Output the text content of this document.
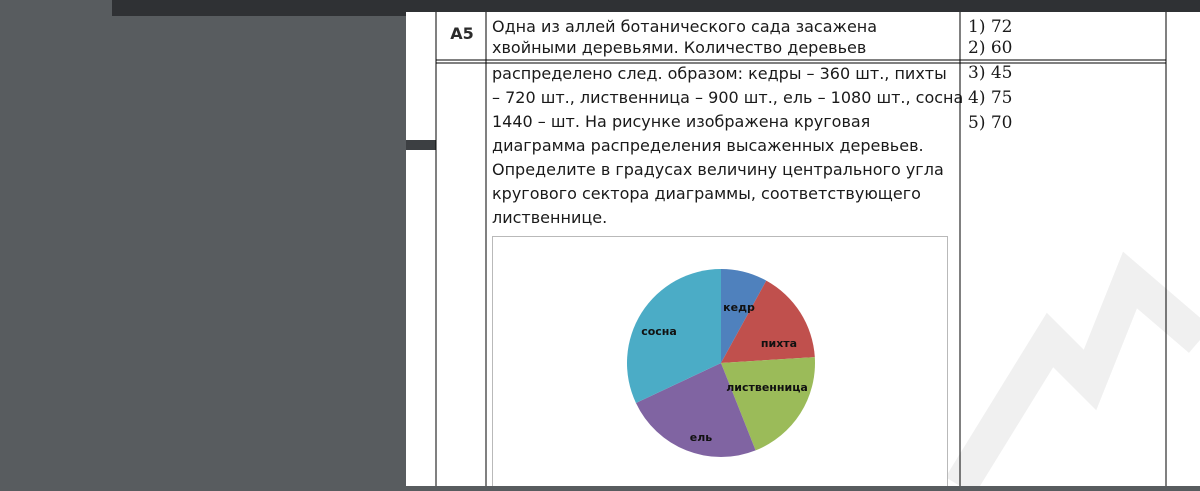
A5	Одна из аллей ботанического сада засажена
хвойными деревьями. Количество деревьев
распределено след. образом: кедры – 360 шт., пихты
– 720 шт., лиственница – 900 шт., ель – 1080 шт., сосна
1440 – шт. На рисунке изображена круговая
диаграмма распределения высаженных деревьев.
Определите в градусах величину центрального угла
кругового сектора диаграммы, соответствующего
лиственнице.
1) 72
2) 60
3) 45
4) 75
5) 70
кедр
пихта
лиственница
ель
сосна
